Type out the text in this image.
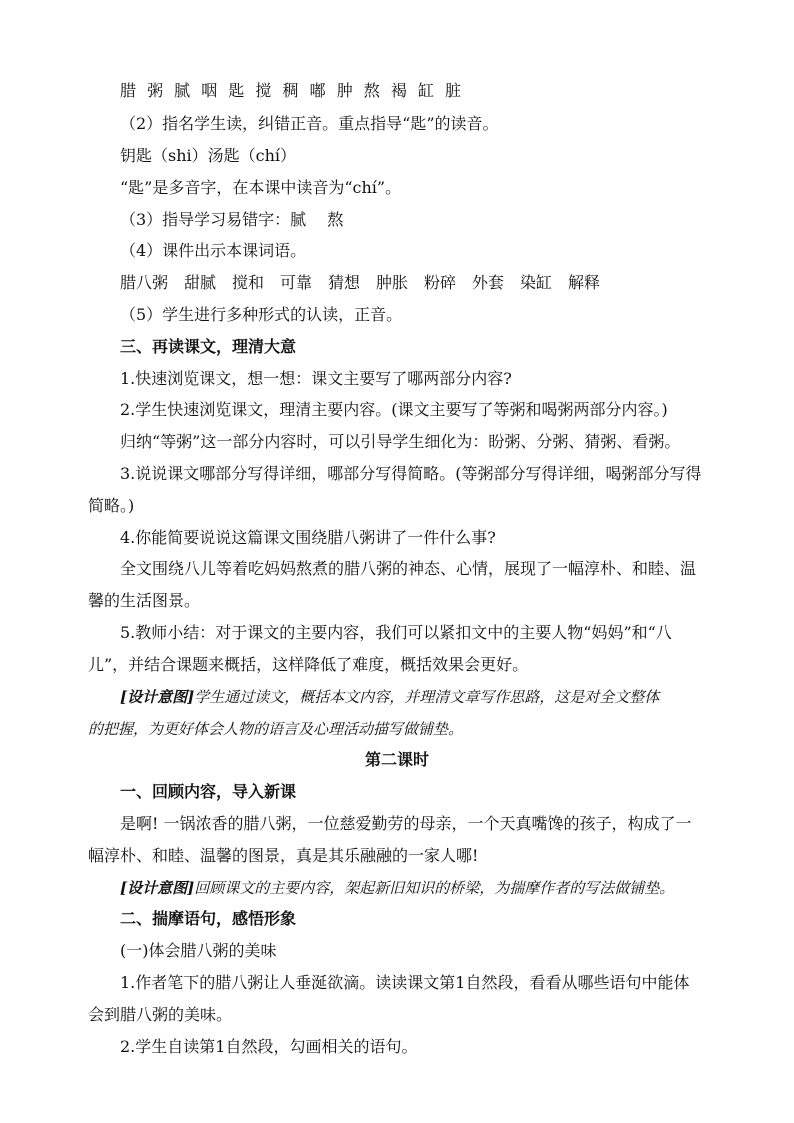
腊 粥 腻 咽 匙 搅 稠 嘟 肿 熬 褐 缸 脏
（2）指名学生读，纠错正音。重点指导“匙”的读音。
钥匙（shi）汤匙（chí）
“匙”是多音字，在本课中读音为“chí”。
（3）指导学习易错字：腻　 熬
（4）课件出示本课词语。
腊八粥　甜腻　搅和　可靠　猜想　肿胀　粉碎　外套　染缸　解释
（5）学生进行多种形式的认读，正音。
三、再读课文，理清大意
1.快速浏览课文，想一想：课文主要写了哪两部分内容?
2.学生快速浏览课文，理清主要内容。(课文主要写了等粥和喝粥两部分内容。)
归纳“等粥”这一部分内容时，可以引导学生细化为：盼粥、分粥、猜粥、看粥。
3.说说课文哪部分写得详细，哪部分写得简略。(等粥部分写得详细，喝粥部分写得
简略。)
4.你能简要说说这篇课文围绕腊八粥讲了一件什么事?
全文围绕八儿等着吃妈妈熬煮的腊八粥的神态、心情，展现了一幅淳朴、和睦、温
馨的生活图景。
5.教师小结：对于课文的主要内容，我们可以紧扣文中的主要人物“妈妈”和“八
儿”，并结合课题来概括，这样降低了难度，概括效果会更好。
[设计意图]学生通过读文，概括本文内容，并理清文章写作思路，这是对全文整体
的把握，为更好体会人物的语言及心理活动描写做铺垫。
第二课时
一、回顾内容，导入新课
是啊! 一锅浓香的腊八粥，一位慈爱勤劳的母亲，一个天真嘴馋的孩子，构成了一
幅淳朴、和睦、温馨的图景，真是其乐融融的一家人哪!
[设计意图]回顾课文的主要内容，架起新旧知识的桥梁，为揣摩作者的写法做铺垫。
二、揣摩语句，感悟形象
(一)体会腊八粥的美味
1.作者笔下的腊八粥让人垂涎欲滴。读读课文第1自然段，看看从哪些语句中能体
会到腊八粥的美味。
2.学生自读第1自然段，勾画相关的语句。
